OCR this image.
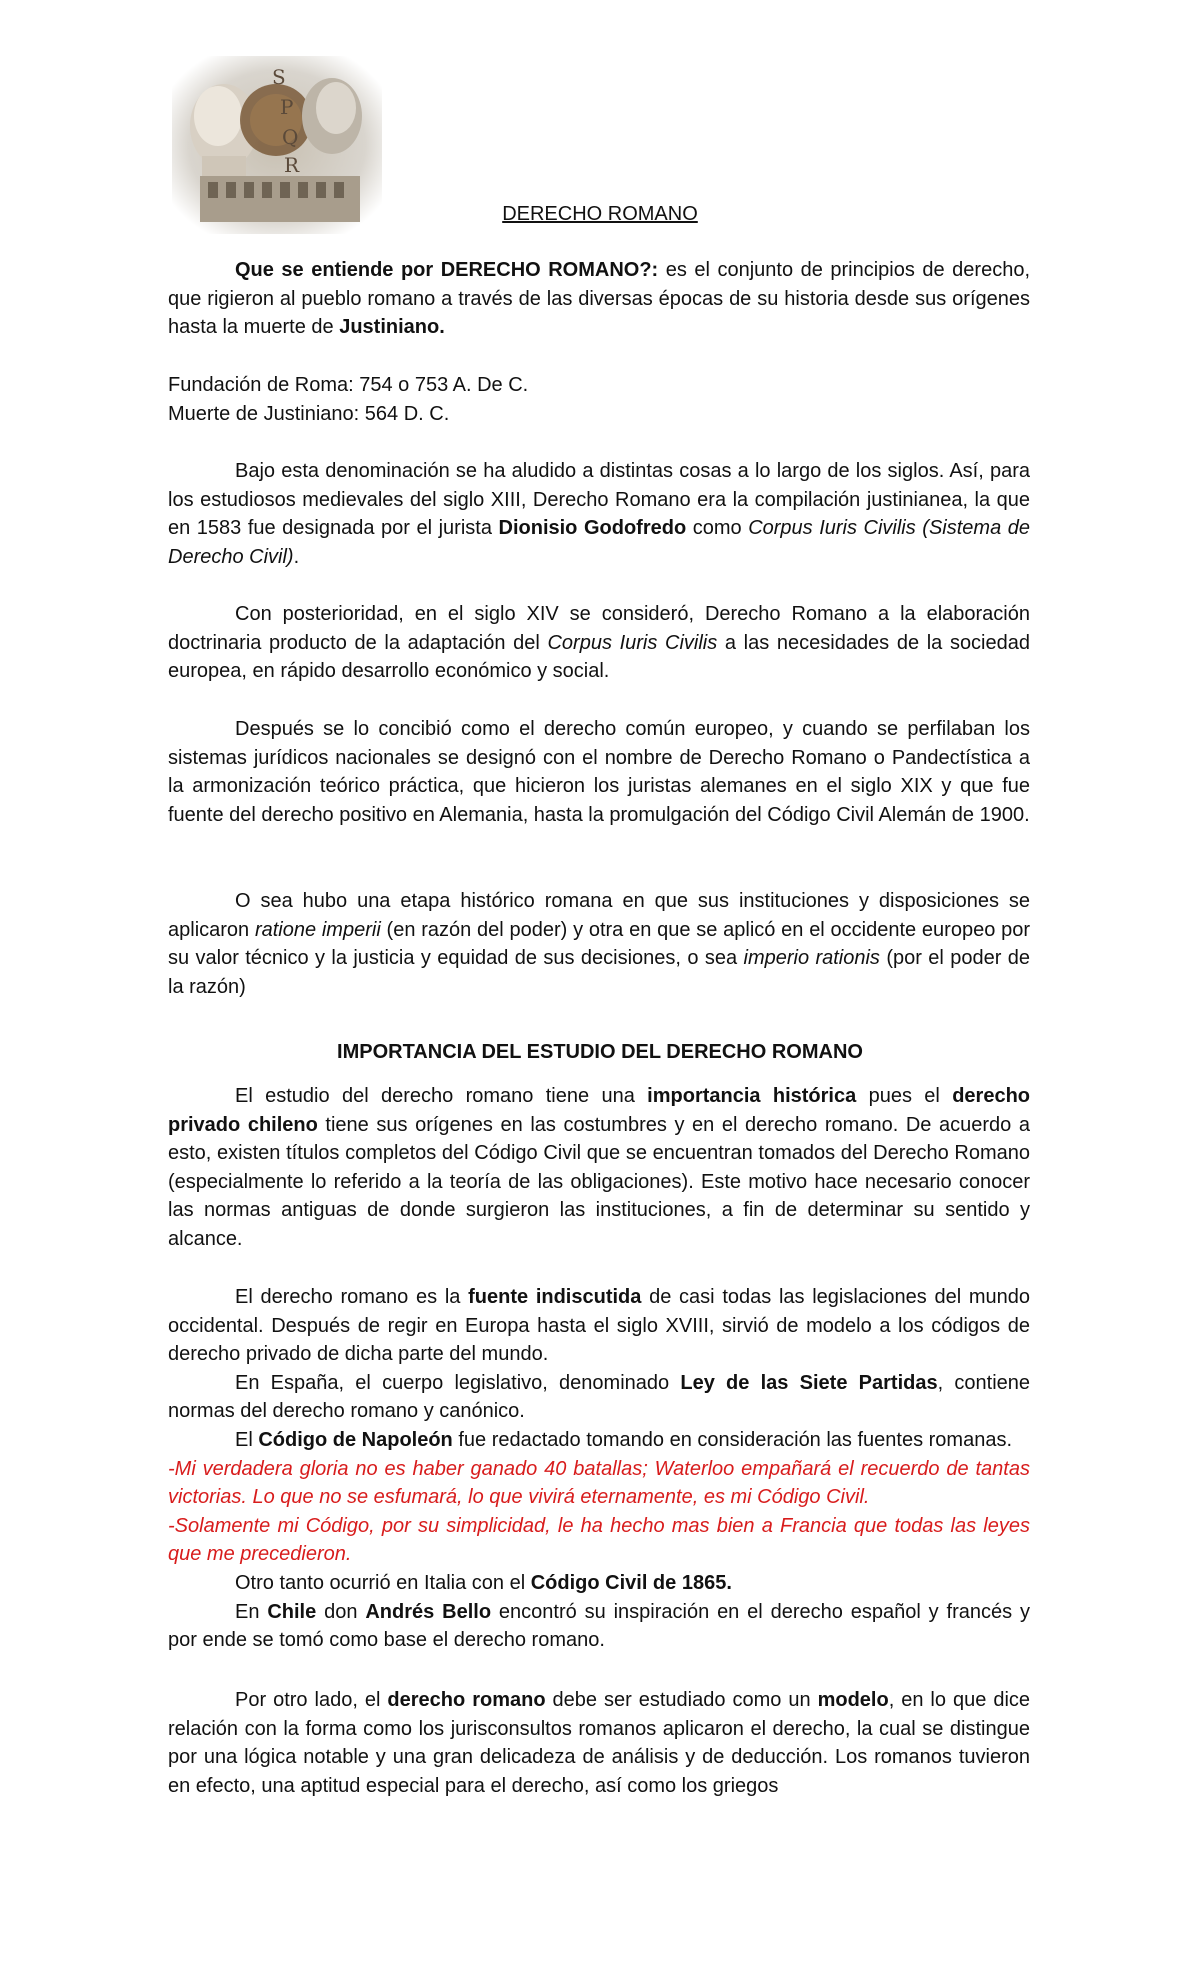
S
P
Q
R
DERECHO ROMANO

Que se entiende por DERECHO ROMANO?: es el conjunto de principios de derecho, que rigieron al pueblo romano a través de las diversas épocas de su historia desde sus orígenes hasta la muerte de Justiniano.

Fundación de Roma: 754 o 753 A. De C.

Muerte de Justiniano: 564 D. C.

Bajo esta denominación se ha aludido a distintas cosas a lo largo de los siglos. Así, para los estudiosos medievales del siglo XIII, Derecho Romano era la compilación justinianea, la que en 1583 fue designada por el jurista Dionisio Godofredo como Corpus Iuris Civilis (Sistema de Derecho Civil).

Con posterioridad, en el siglo XIV se consideró, Derecho Romano a la elaboración doctrinaria producto de la adaptación del Corpus Iuris Civilis a las necesidades de la sociedad europea, en rápido desarrollo económico y social.

Después se lo concibió como el derecho común europeo, y cuando se perfilaban los sistemas jurídicos nacionales se designó con el nombre de Derecho Romano o Pandectística a la armonización teórico práctica, que hicieron los juristas alemanes en el siglo XIX y que fue fuente del derecho positivo en Alemania, hasta la promulgación del Código Civil Alemán de 1900.

O sea hubo una etapa histórico romana en que sus instituciones y disposiciones se aplicaron ratione imperii (en razón del poder) y otra en que se aplicó en el occidente europeo por su valor técnico y la justicia y equidad de sus decisiones, o sea imperio rationis (por el poder de la razón)

IMPORTANCIA DEL ESTUDIO DEL DERECHO ROMANO

El estudio del derecho romano tiene una importancia histórica pues el derecho privado chileno tiene sus orígenes en las costumbres y en el derecho romano. De acuerdo a esto, existen títulos completos del Código Civil que se encuentran tomados del Derecho Romano (especialmente lo referido a la teoría de las obligaciones). Este motivo hace necesario conocer las normas antiguas de donde surgieron las instituciones, a fin de determinar su sentido y alcance.

El derecho romano es la fuente indiscutida de casi todas las legislaciones del mundo occidental. Después de regir en Europa hasta el siglo XVIII, sirvió de modelo a los códigos de derecho privado de dicha parte del mundo.

En España, el cuerpo legislativo, denominado Ley de las Siete Partidas, contiene normas del derecho romano y canónico.

El Código de Napoleón fue redactado tomando en consideración las fuentes romanas.

-Mi verdadera gloria no es haber ganado 40 batallas; Waterloo empañará el recuerdo de tantas victorias. Lo que no se esfumará, lo que vivirá eternamente, es mi Código Civil.

-Solamente mi Código, por su simplicidad, le ha hecho mas bien a Francia que todas las leyes que me precedieron.

Otro tanto ocurrió en Italia con el Código Civil de 1865.

En Chile don Andrés Bello encontró su inspiración en el derecho español y francés y por ende se tomó como base el derecho romano.

Por otro lado, el derecho romano debe ser estudiado como un modelo, en lo que dice relación con la forma como los jurisconsultos romanos aplicaron el derecho, la cual se distingue por una lógica notable y una gran delicadeza de análisis y de deducción. Los romanos tuvieron en efecto, una aptitud especial para el derecho, así como los griegos
